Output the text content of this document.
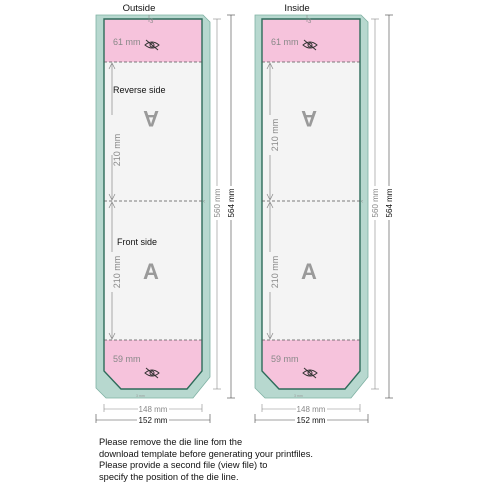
Outside
3
61 mm
Reverse side
Front side
210 mm
210 mm
A
A
59 mm
3 mm
‹ 560 mm 564 mm
148 mm
152 mm
Inside
3
61 mm
210 mm
210 mm
A
A
59 mm
3 mm
‹ 560 mm 564 mm
148 mm
152 mm
Please remove the die line fom the
download template before generating your printfiles.
Please provide a second file (view file) to
specify the position of the die line.
